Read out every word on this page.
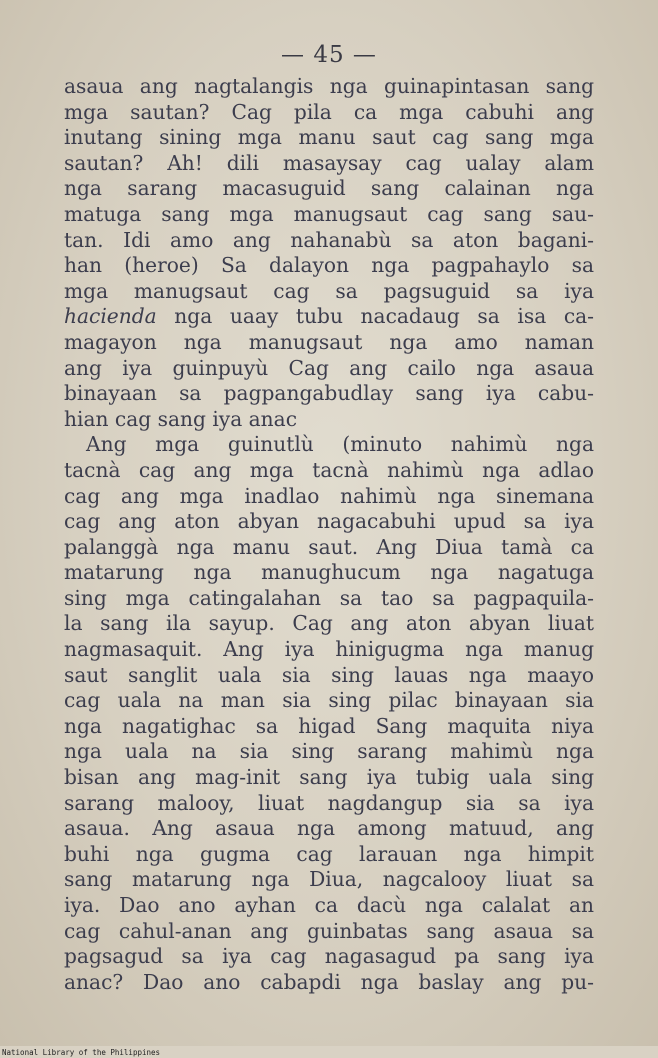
— 45 —
asaua ang nagtalangis nga guinapintasan sang
mga sautan? Cag pila ca mga cabuhi ang
inutang sining mga manu saut cag sang mga
sautan? Ah! dili masaysay cag ualay alam
nga sarang macasuguid sang calainan nga
matuga sang mga manugsaut cag sang sau-
tan. Idi amo ang nahanabù sa aton bagani-
han (heroe) Sa dalayon nga pagpahaylo sa
mga manugsaut cag sa pagsuguid sa iya
hacienda nga uaay tubu nacadaug sa isa ca-
magayon nga manugsaut nga amo naman
ang iya guinpuyù Cag ang cailo nga asaua
binayaan sa pagpangabudlay sang iya cabu-
hian cag sang iya anac
Ang mga guinutlù (minuto nahimù nga
tacnà cag ang mga tacnà nahimù nga adlao
cag ang mga inadlao nahimù nga sinemana
cag ang aton abyan nagacabuhi upud sa iya
palanggà nga manu saut. Ang Diua tamà ca
matarung nga manughucum nga nagatuga
sing mga catingalahan sa tao sa pagpaquila-
la sang ila sayup. Cag ang aton abyan liuat
nagmasaquit. Ang iya hinigugma nga manug
saut sanglit uala sia sing lauas nga maayo
cag uala na man sia sing pilac binayaan sia
nga nagatighac sa higad Sang maquita niya
nga uala na sia sing sarang mahimù nga
bisan ang mag-init sang iya tubig uala sing
sarang malooy, liuat nagdangup sia sa iya
asaua. Ang asaua nga among matuud, ang
buhi nga gugma cag larauan nga himpit
sang matarung nga Diua, nagcalooy liuat sa
iya. Dao ano ayhan ca dacù nga calalat an
cag cahul-anan ang guinbatas sang asaua sa
pagsagud sa iya cag nagasagud pa sang iya
anac? Dao ano cabapdi nga baslay ang pu-
National Library of the Philippines
